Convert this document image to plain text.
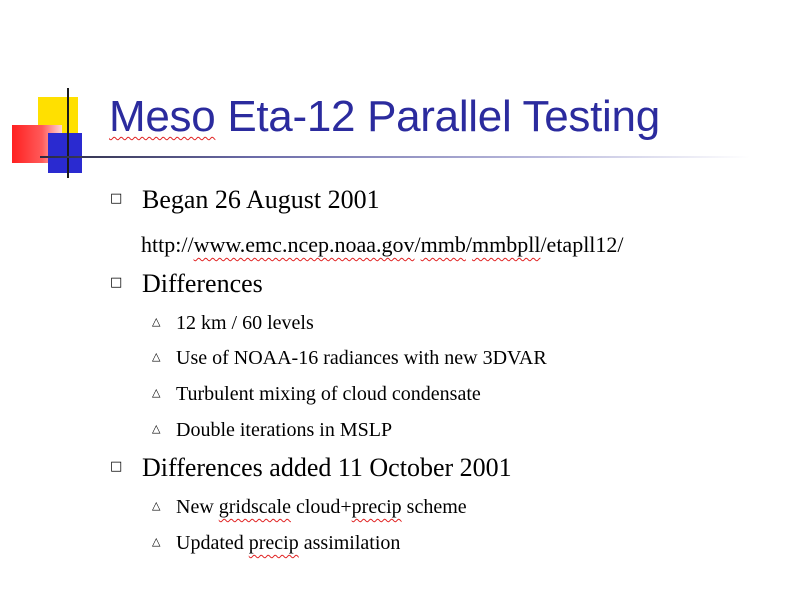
Meso Eta-12 Parallel Testing
□ Began 26 August 2001
http://www.emc.ncep.noaa.gov/mmb/mmbpll/etapll12/
□ Differences
△ 12 km / 60 levels
△ Use of NOAA-16 radiances with new 3DVAR
△ Turbulent mixing of cloud condensate
△ Double iterations in MSLP
□ Differences added 11 October 2001
△ New gridscale cloud+precip scheme
△ Updated precip assimilation
